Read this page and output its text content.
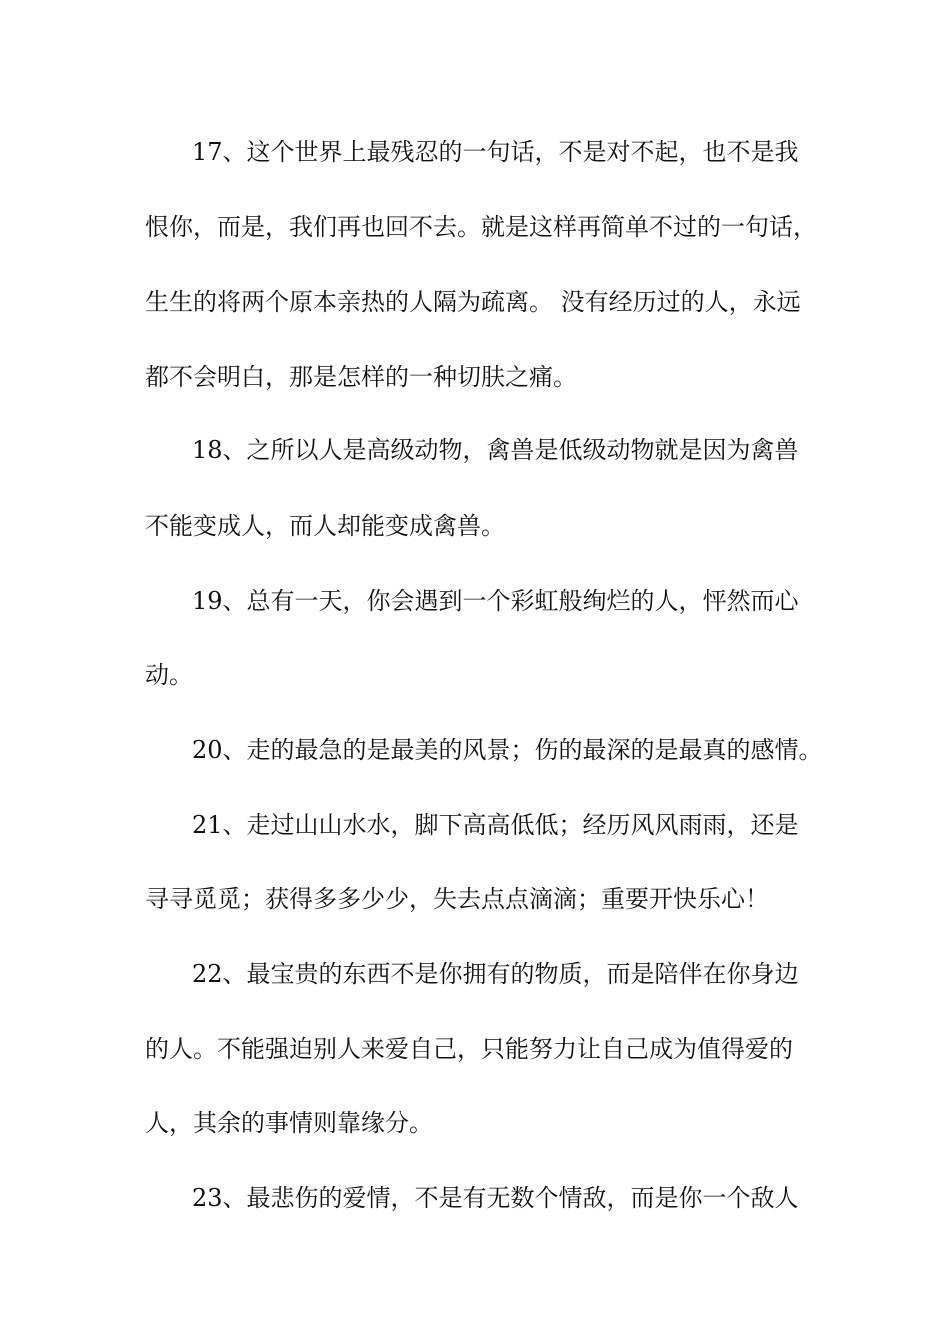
17、这个世界上最残忍的一句话，不是对不起，也不是我
恨你，而是，我们再也回不去。就是这样再简单不过的一句话，
生生的将两个原本亲热的人隔为疏离。 没有经历过的人，永远
都不会明白，那是怎样的一种切肤之痛。
18、之所以人是高级动物，禽兽是低级动物就是因为禽兽
不能变成人，而人却能变成禽兽。
19、总有一天，你会遇到一个彩虹般绚烂的人，怦然而心
动。
20、走的最急的是最美的风景；伤的最深的是最真的感情。
21、走过山山水水，脚下高高低低；经历风风雨雨，还是
寻寻觅觅；获得多多少少，失去点点滴滴；重要开快乐心！
22、最宝贵的东西不是你拥有的物质，而是陪伴在你身边
的人。不能强迫别人来爱自己，只能努力让自己成为值得爱的
人，其余的事情则靠缘分。
23、最悲伤的爱情，不是有无数个情敌，而是你一个敌人
